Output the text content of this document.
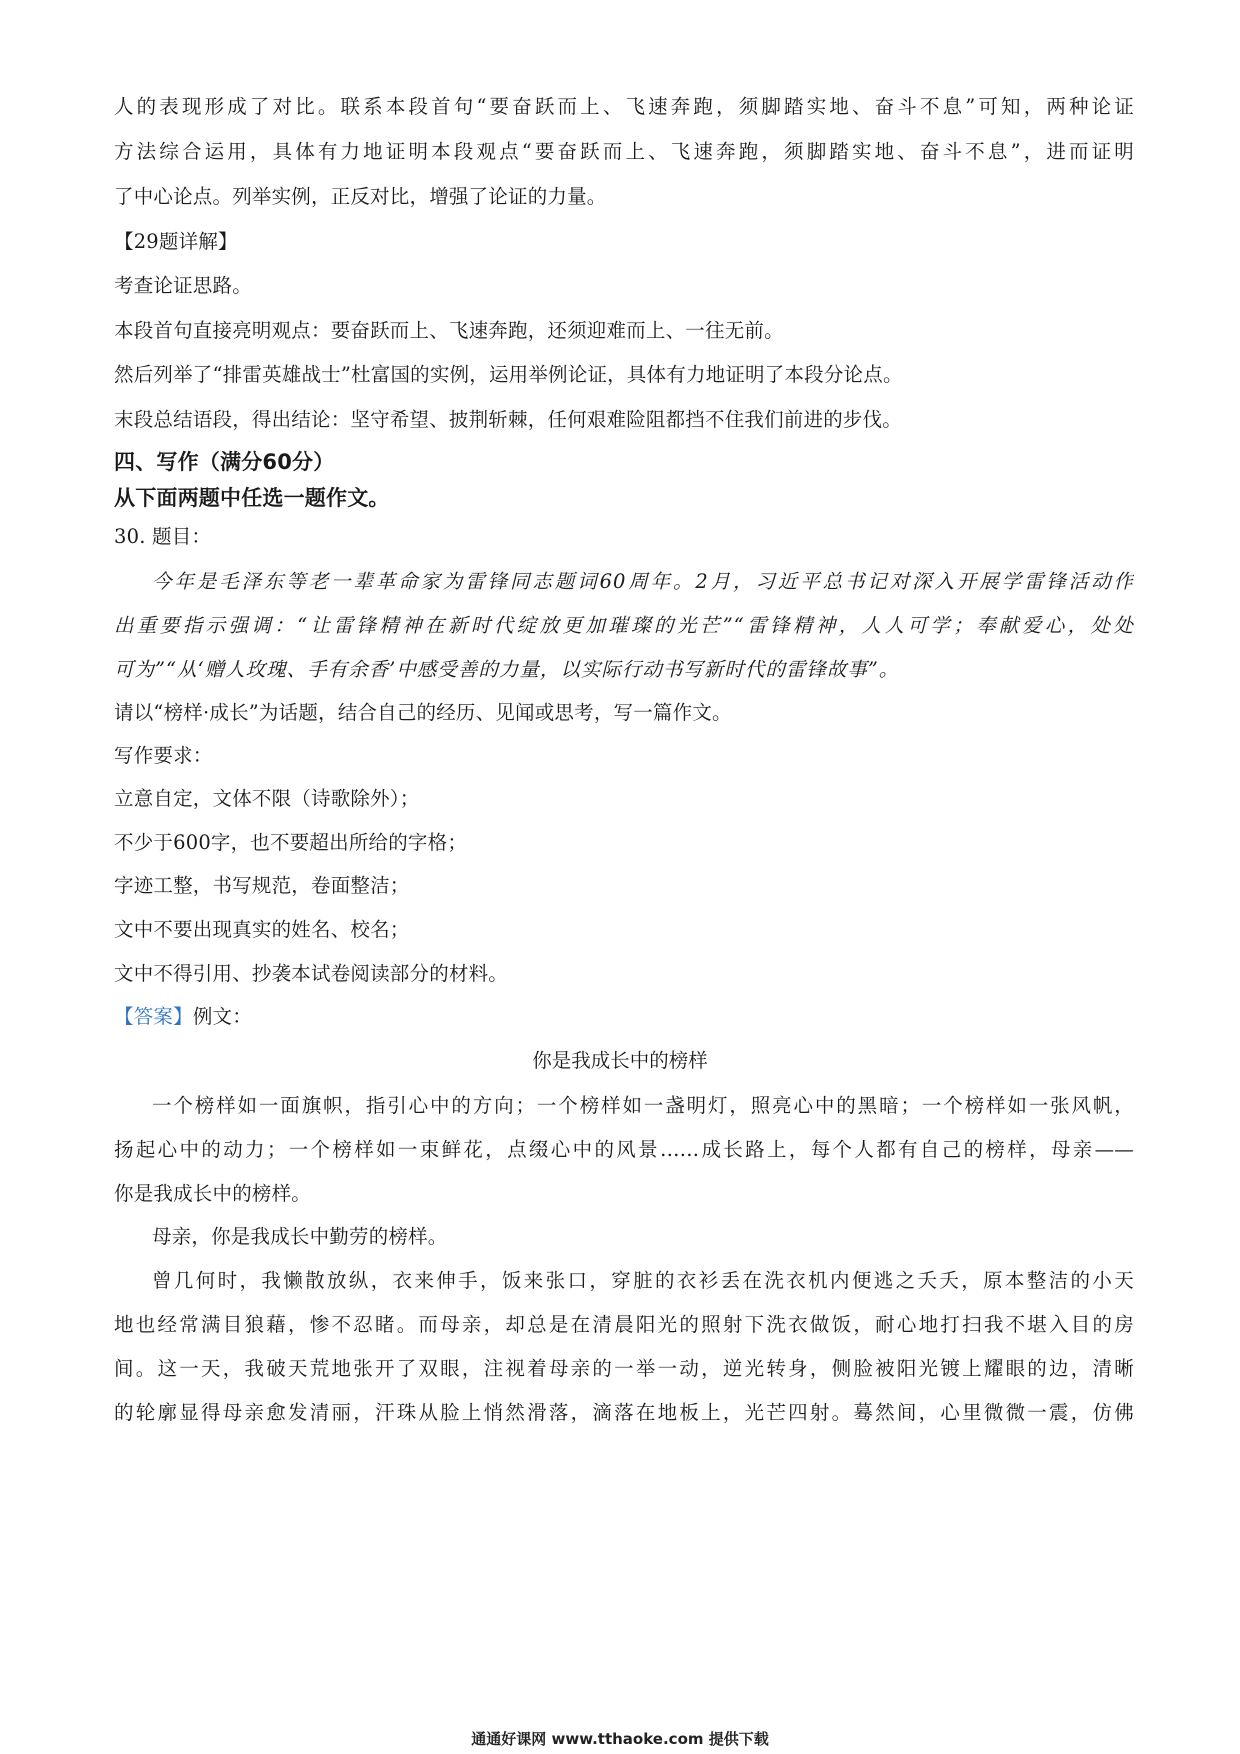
人的表现形成了对比。联系本段首句“要奋跃而上、飞速奔跑，须脚踏实地、奋斗不息”可知，两种论证
方法综合运用，具体有力地证明本段观点“要奋跃而上、飞速奔跑，须脚踏实地、奋斗不息”，进而证明
了中心论点。列举实例，正反对比，增强了论证的力量。
【29题详解】
考查论证思路。
本段首句直接亮明观点：要奋跃而上、飞速奔跑，还须迎难而上、一往无前。
然后列举了“排雷英雄战士”杜富国的实例，运用举例论证，具体有力地证明了本段分论点。
末段总结语段，得出结论：坚守希望、披荆斩棘，任何艰难险阻都挡不住我们前进的步伐。
四、写作（满分60分）
从下面两题中任选一题作文。
30. 题目：
今年是毛泽东等老一辈革命家为雷锋同志题词60周年。2月，习近平总书记对深入开展学雷锋活动作
出重要指示强调：“让雷锋精神在新时代绽放更加璀璨的光芒”“雷锋精神，人人可学；奉献爱心，处处
可为”“从‘赠人玫瑰、手有余香’中感受善的力量，以实际行动书写新时代的雷锋故事”。
请以“榜样·成长”为话题，结合自己的经历、见闻或思考，写一篇作文。
写作要求：
立意自定，文体不限（诗歌除外）；
不少于600字，也不要超出所给的字格；
字迹工整，书写规范，卷面整洁；
文中不要出现真实的姓名、校名；
文中不得引用、抄袭本试卷阅读部分的材料。
【答案】例文：
你是我成长中的榜样
一个榜样如一面旗帜，指引心中的方向；一个榜样如一盏明灯，照亮心中的黑暗；一个榜样如一张风帆，
扬起心中的动力；一个榜样如一束鲜花，点缀心中的风景……成长路上，每个人都有自己的榜样，母亲——
你是我成长中的榜样。
母亲，你是我成长中勤劳的榜样。
曾几何时，我懒散放纵，衣来伸手，饭来张口，穿脏的衣衫丢在洗衣机内便逃之夭夭，原本整洁的小天
地也经常满目狼藉，惨不忍睹。而母亲，却总是在清晨阳光的照射下洗衣做饭，耐心地打扫我不堪入目的房
间。这一天，我破天荒地张开了双眼，注视着母亲的一举一动，逆光转身，侧脸被阳光镀上耀眼的边，清晰
的轮廓显得母亲愈发清丽，汗珠从脸上悄然滑落，滴落在地板上，光芒四射。蓦然间，心里微微一震，仿佛
通通好课网 www.tthaoke.com 提供下载
